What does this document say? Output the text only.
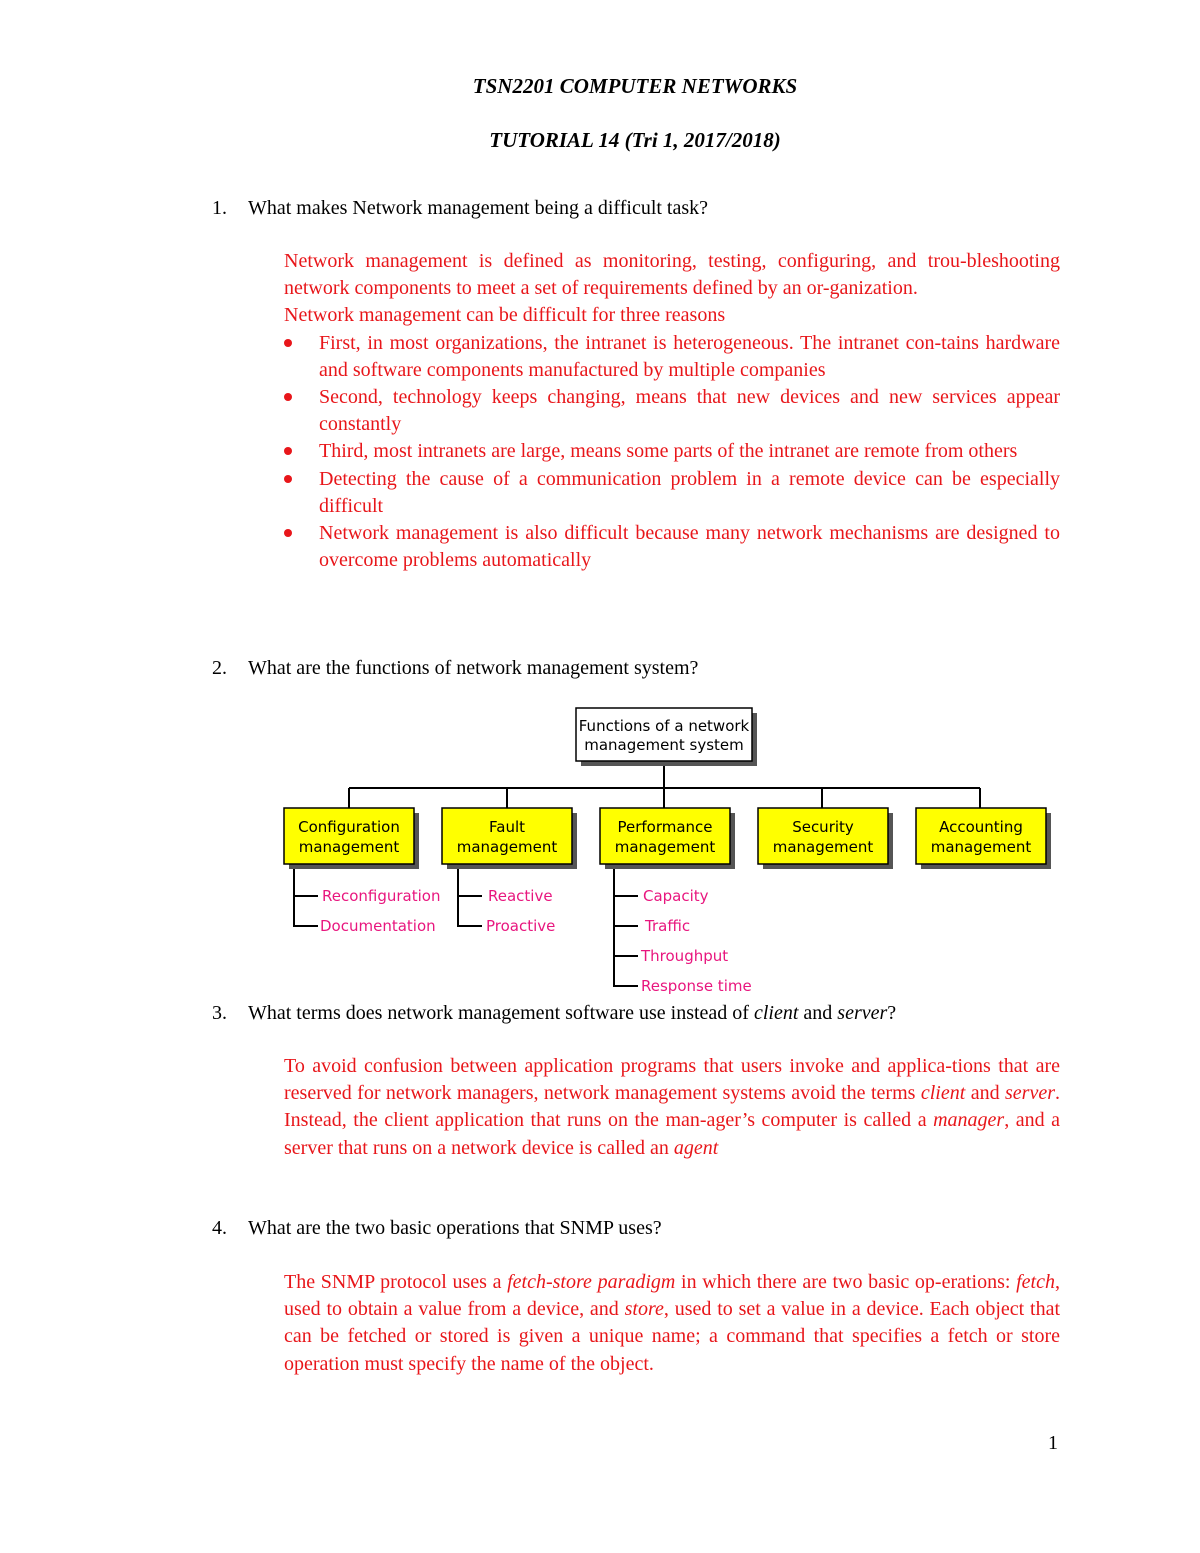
TSN2201 COMPUTER NETWORKS
TUTORIAL 14 (Tri 1, 2017/2018)
1. What makes Network management being a difficult task?

Network management is defined as monitoring, testing, configuring, and trou-bleshooting network components to meet a set of requirements defined by an or-ganization.

Network management can be difficult for three reasons

First, in most organizations, the intranet is heterogeneous. The intranet con-tains hardware and software components manufactured by multiple companies
Second, technology keeps changing, means that new devices and new services appear constantly
Third, most intranets are large, means some parts of the intranet are remote from others
Detecting the cause of a communication problem in a remote device can be especially difficult
Network management is also difficult because many network mechanisms are designed to overcome problems automatically
2. What are the functions of network management system?
Functions of a network
management system
Configuration
management
Fault
management
Performance
management
Security
management
Accounting
management
Reconfiguration
Documentation
Reactive
Proactive
Capacity
Traffic
Throughput
Response time
3. What terms does network management software use instead of client and server?
To avoid confusion between application programs that users invoke and applica-tions that are reserved for network managers, network management systems avoid the terms client and server. Instead, the client application that runs on the man-ager’s computer is called a manager, and a server that runs on a network device is called an agent
4. What are the two basic operations that SNMP uses?
The SNMP protocol uses a fetch-store paradigm in which there are two basic op-erations: fetch, used to obtain a value from a device, and store, used to set a value in a device. Each object that can be fetched or stored is given a unique name; a command that specifies a fetch or store operation must specify the name of the object.
1
